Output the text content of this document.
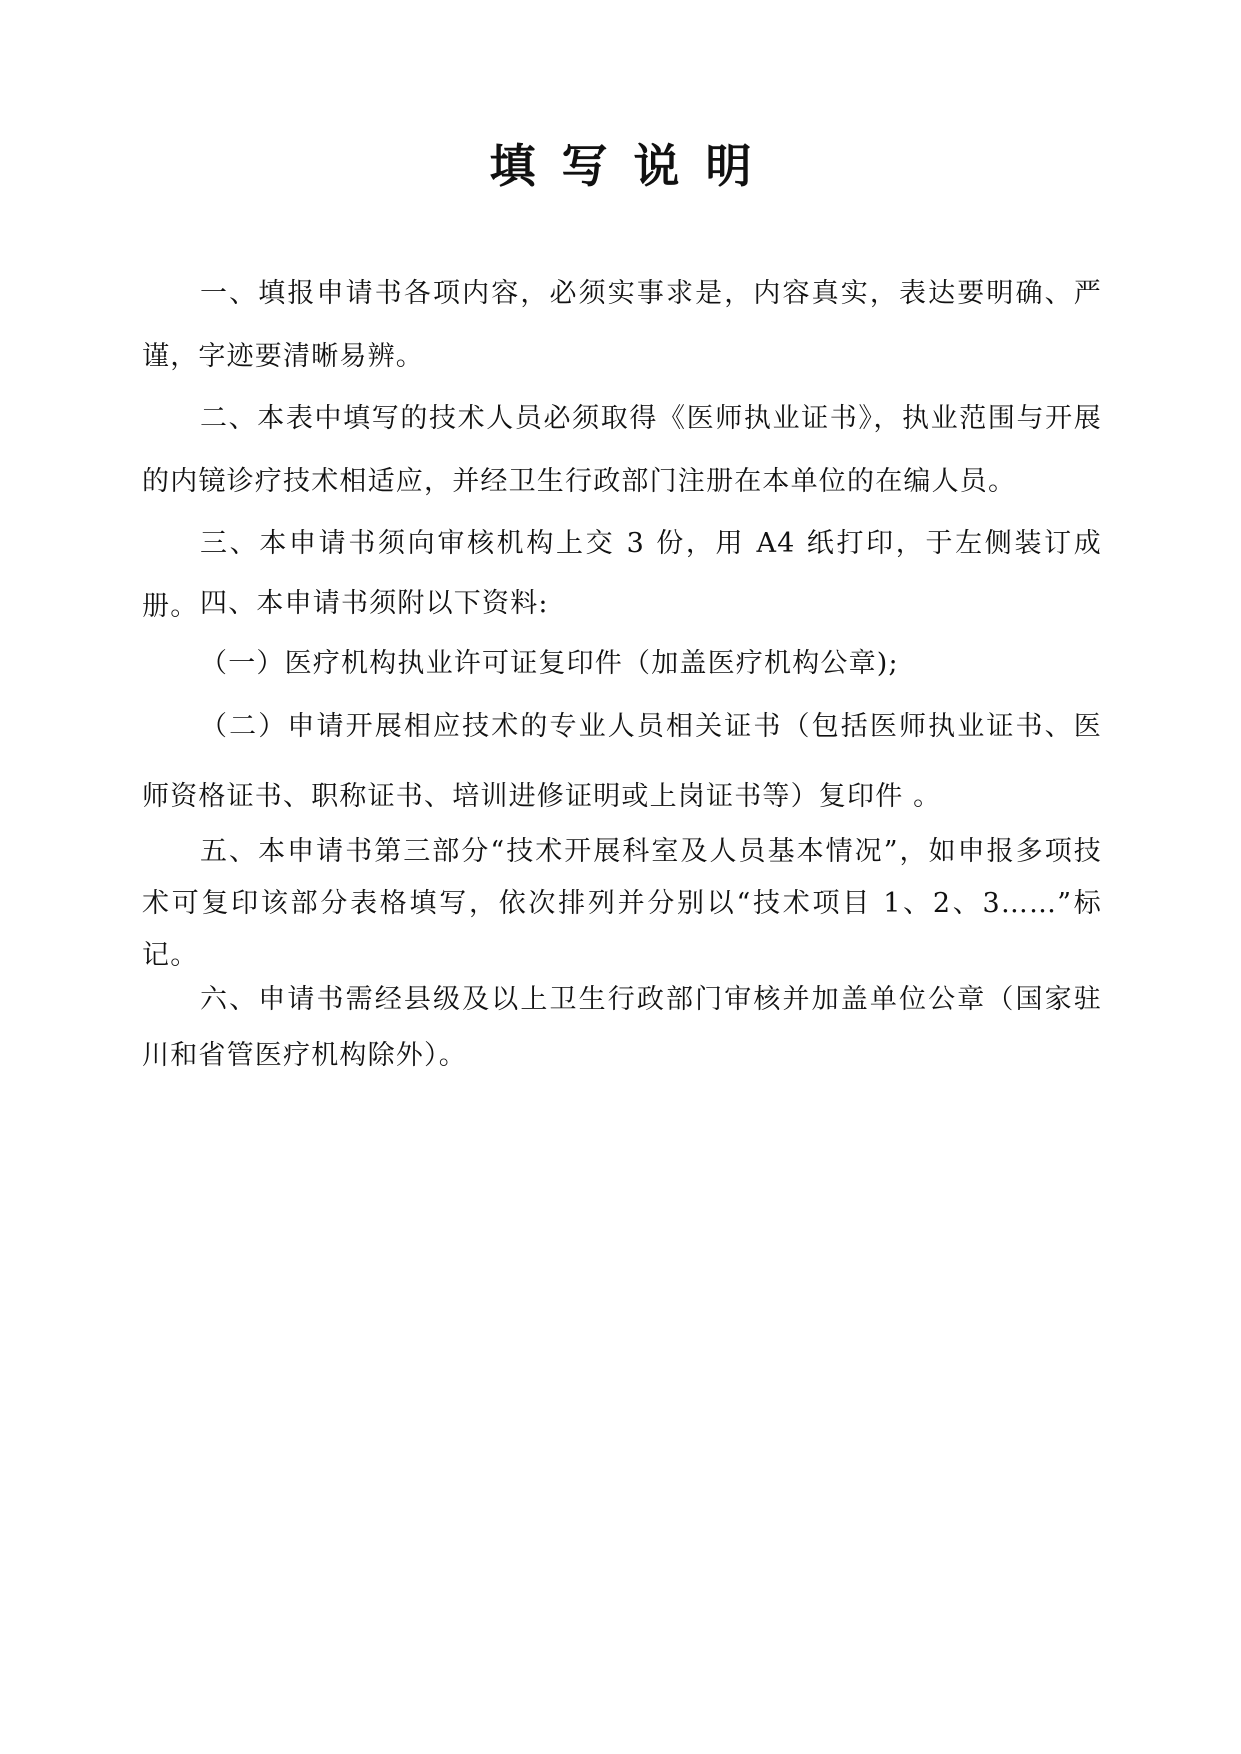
填写说明

一、填报申请书各项内容，必须实事求是，内容真实，表达要明确、严谨，字迹要清晰易辨。

二、本表中填写的技术人员必须取得《医师执业证书》，执业范围与开展的内镜诊疗技术相适应，并经卫生行政部门注册在本单位的在编人员。

三、本申请书须向审核机构上交 3 份，用 A4 纸打印，于左侧装订成册。 四、本申请书须附以下资料:

（一）医疗机构执业许可证复印件（加盖医疗机构公章);

（二）申请开展相应技术的专业人员相关证书（包括医师执业证书、医师资格证书、职称证书、培训进修证明或上岗证书等）复印件 。

五、本申请书第三部分“技术开展科室及人员基本情况”，如申报多项技术可复印该部分表格填写，依次排列并分别以“技术项目 1、2、3……”标记。

六、申请书需经县级及以上卫生行政部门审核并加盖单位公章（国家驻川和省管医疗机构除外）。
